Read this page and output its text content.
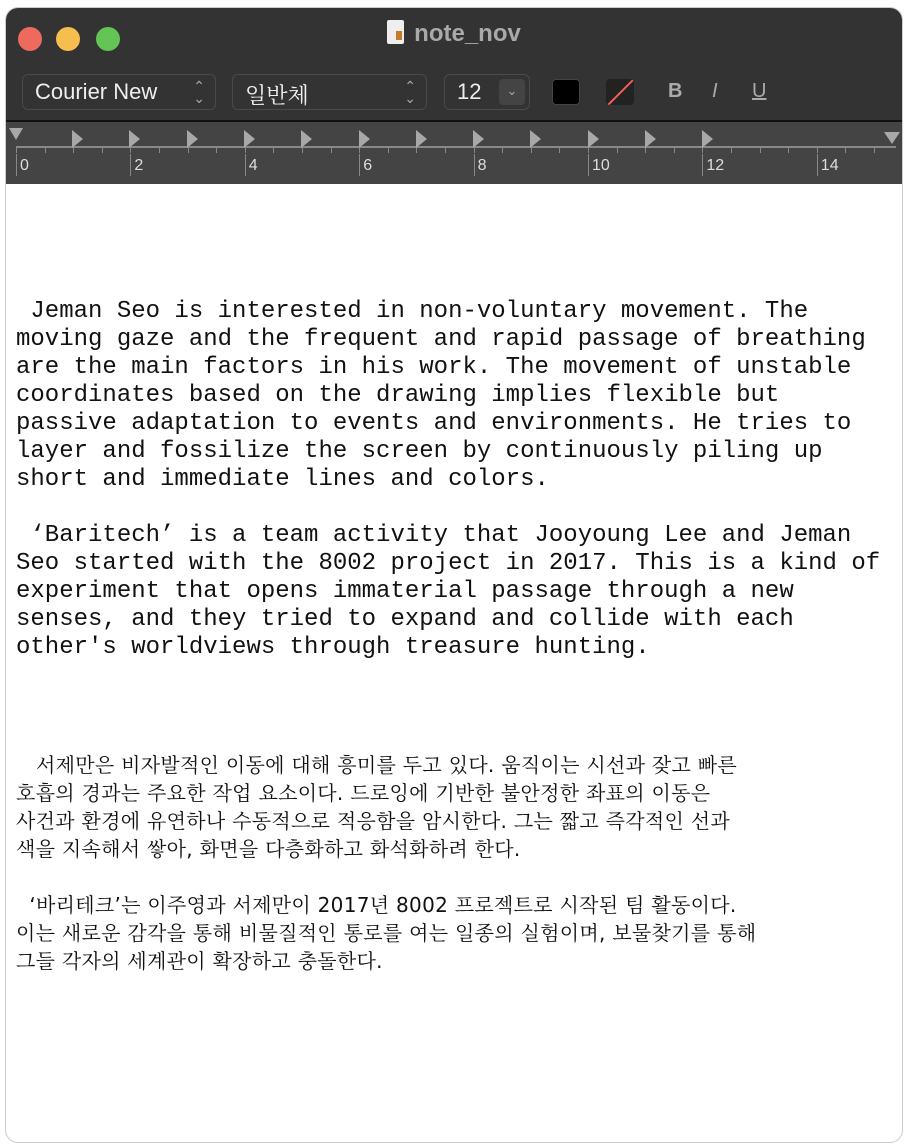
note_nov
Courier New	⌃
⌄	일반체	⌃
⌄	12	⌄	B I U
0	2	4	6	8	10	12	14
Jeman Seo is interested in non-voluntary movement. The
moving gaze and the frequent and rapid passage of breathing
are the main factors in his work. The movement of unstable
coordinates based on the drawing implies flexible but
passive adaptation to events and environments. He tries to
layer and fossilize the screen by continuously piling up
short and immediate lines and colors.
‘Baritech’ is a team activity that Jooyoung Lee and Jeman
Seo started with the 8002 project in 2017. This is a kind of
experiment that opens immaterial passage through a new
senses, and they tried to expand and collide with each
other's worldviews through treasure hunting.
서제만은 비자발적인 이동에 대해 흥미를 두고 있다. 움직이는 시선과 잦고 빠른
호흡의 경과는 주요한 작업 요소이다. 드로잉에 기반한 불안정한 좌표의 이동은
사건과 환경에 유연하나 수동적으로 적응함을 암시한다. 그는 짧고 즉각적인 선과
색을 지속해서 쌓아, 화면을 다층화하고 화석화하려 한다.
‘바리테크’는 이주영과 서제만이 2017년 8002 프로젝트로 시작된 팀 활동이다.
이는 새로운 감각을 통해 비물질적인 통로를 여는 일종의 실험이며, 보물찾기를 통해
그들 각자의 세계관이 확장하고 충돌한다.
